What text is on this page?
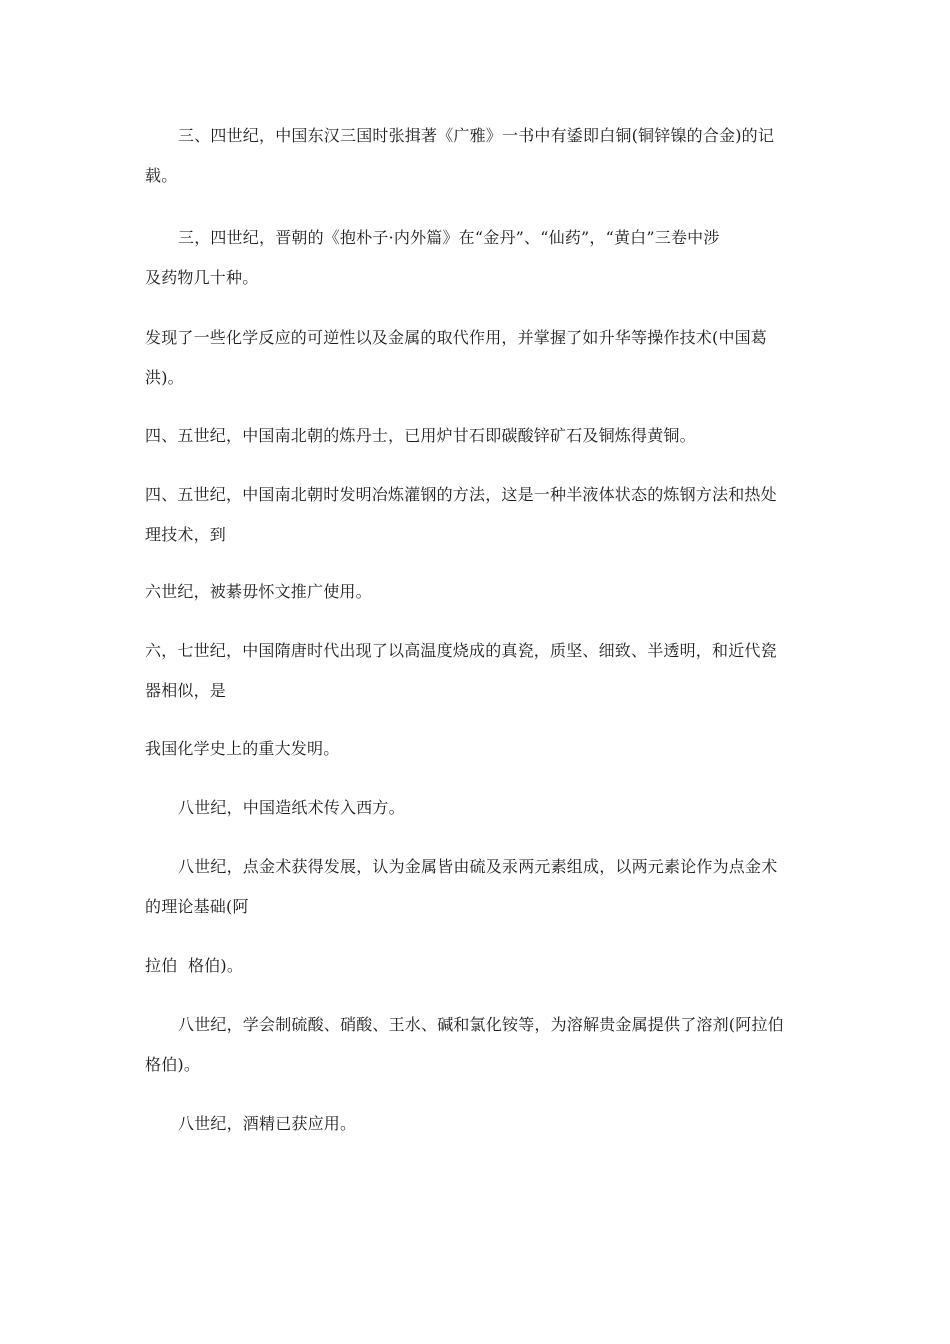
三、四世纪，中国东汉三国时张揖著《广雅》一书中有鋈即白铜(铜锌镍的合金)的记
载。
三，四世纪，晋朝的《抱朴子·内外篇》在“金丹”、“仙药”，“黄白”三卷中涉
及药物几十种。
发现了一些化学反应的可逆性以及金属的取代作用，并掌握了如升华等操作技术(中国葛
洪)。
四、五世纪，中国南北朝的炼丹士，已用炉甘石即碳酸锌矿石及铜炼得黄铜。
四、五世纪，中国南北朝时发明冶炼灌钢的方法，这是一种半液体状态的炼钢方法和热处
理技术，到
六世纪，被綦毋怀文推广使用。
六，七世纪，中国隋唐时代出现了以高温度烧成的真瓷，质坚、细致、半透明，和近代瓷
器相似，是
我国化学史上的重大发明。
八世纪，中国造纸术传入西方。
八世纪，点金术获得发展，认为金属皆由硫及汞两元素组成，以两元素论作为点金术
的理论基础(阿
拉伯  格伯)。
八世纪，学会制硫酸、硝酸、王水、碱和氯化铵等，为溶解贵金属提供了溶剂(阿拉伯
格伯)。
八世纪，酒精已获应用。
